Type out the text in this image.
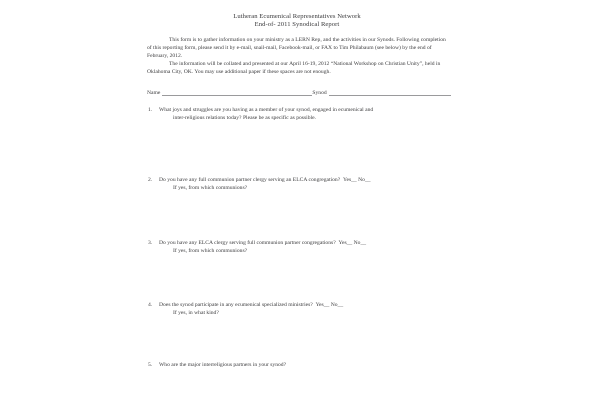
Lutheran Ecumenical Representatives Network
End-of- 2011 Synodical Report

This form is to gather information on your ministry as a LERN Rep, and the activities in our Synods. Following completion of this reporting form, please send it by e-mail, snail-mail, Facebook-mail, or FAX to Tim Philabaum (see below) by the end of February, 2012.

The information will be collated and presented at our April 16-19, 2012 “National Workshop on Christian Unity”, held in Oklahoma City, OK. You may use additional paper if these spaces are not enough.

Name	Synod
1.	What joys and struggles are you having as a member of your synod, engaged in ecumenical and
inter-religious relations today? Please be as specific as possible.
2.	Do you have any full communion partner clergy serving an ELCA congregation? Yes__ No__
If yes, from which communions?
3.	Do you have any ELCA clergy serving full communion partner congregations? Yes__ No__
If yes, from which communions?
4.	Does the synod participate in any ecumenical specialized ministries? Yes__ No__
If yes, in what kind?
5.	Who are the major interreligious partners in your synod?
